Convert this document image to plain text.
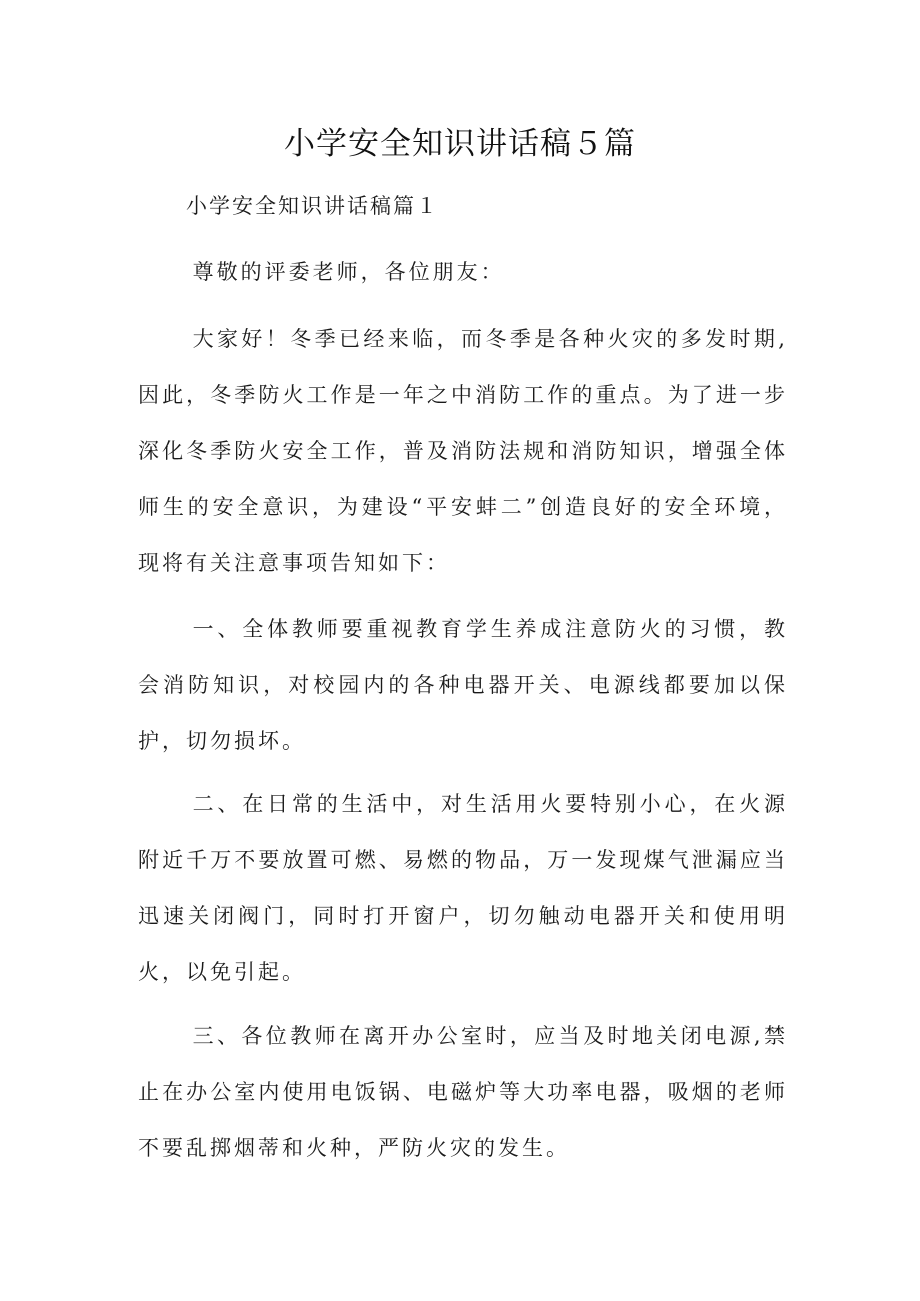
小学安全知识讲话稿５篇
小学安全知识讲话稿篇１

尊敬的评委老师，各位朋友：

大家好！冬季已经来临，而冬季是各种火灾的多发时期,因此，冬季防火工作是一年之中消防工作的重点。为了进一步深化冬季防火安全工作，普及消防法规和消防知识，增强全体师生的安全意识，为建设“平安蚌二”创造良好的安全环境，现将有关注意事项告知如下：

一、全体教师要重视教育学生养成注意防火的习惯，教会消防知识，对校园内的各种电器开关、电源线都要加以保护，切勿损坏。

二、在日常的生活中，对生活用火要特别小心，在火源附近千万不要放置可燃、易燃的物品，万一发现煤气泄漏应当迅速关闭阀门，同时打开窗户，切勿触动电器开关和使用明火，以免引起。

三、各位教师在离开办公室时，应当及时地关闭电源,禁止在办公室内使用电饭锅、电磁炉等大功率电器，吸烟的老师不要乱掷烟蒂和火种，严防火灾的发生。
